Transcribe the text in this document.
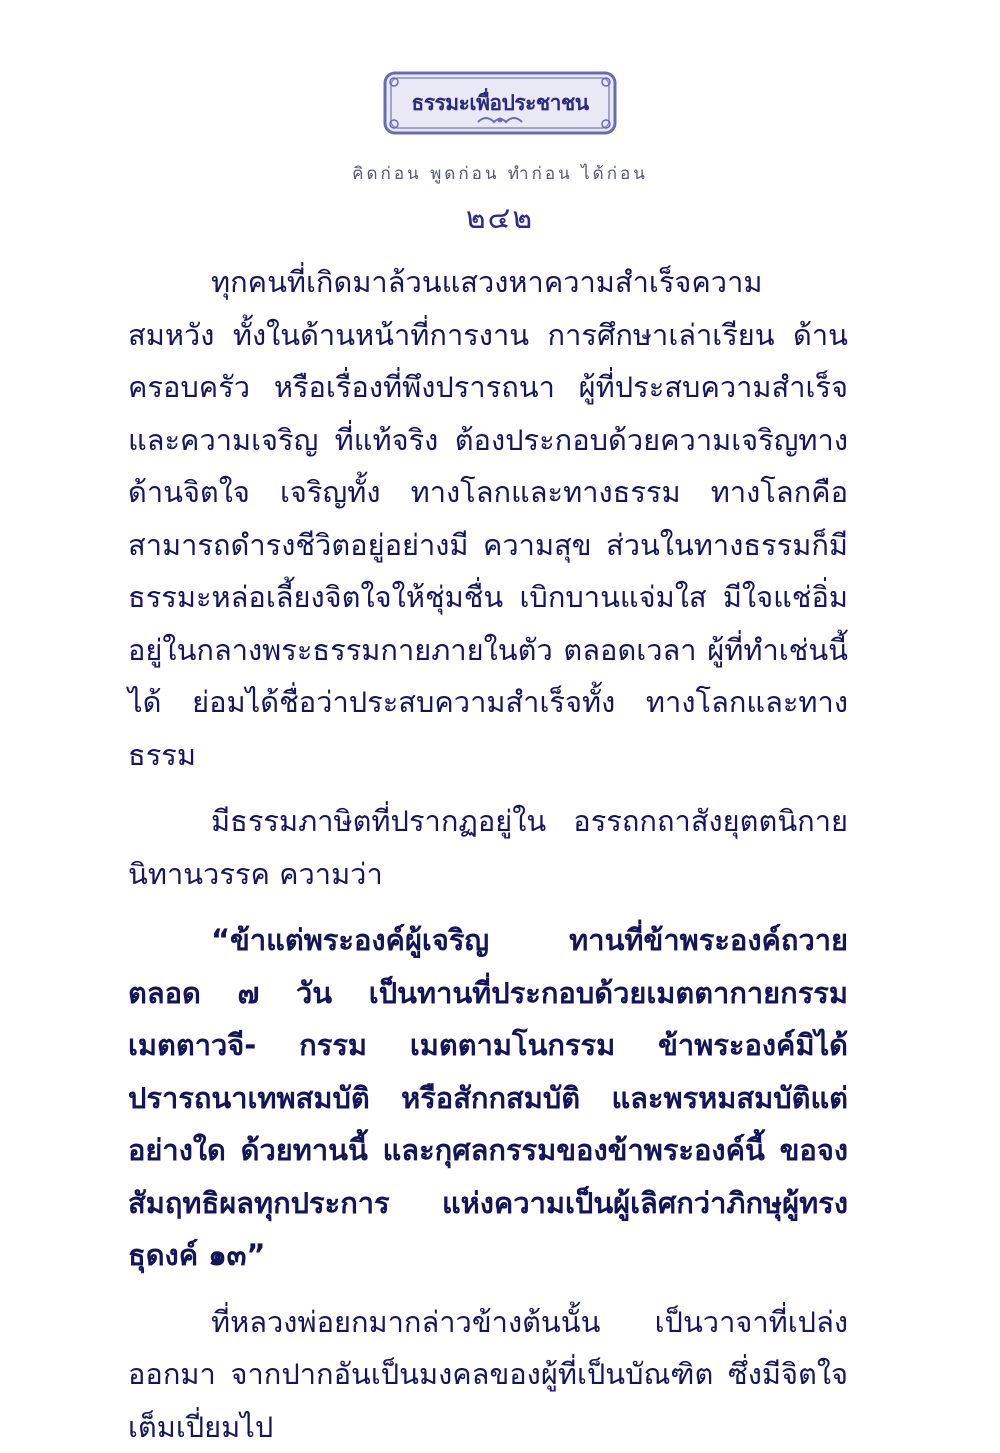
ธรรมะเพื่อประชาชน
คิดก่อน พูดก่อน ทำก่อน ได้ก่อน
๒๔๒

ทุกคนที่เกิดมาล้วนแสวงหาความสำเร็จความสมหวัง ทั้งในด้านหน้าที่การงาน การศึกษาเล่าเรียน ด้านครอบครัว หรือเรื่องที่พึงปรารถนา ผู้ที่ประสบความสำเร็จและความเจริญ ที่แท้จริง ต้องประกอบด้วยความเจริญทางด้านจิตใจ เจริญทั้ง ทางโลกและทางธรรม ทางโลกคือสามารถดำรงชีวิตอยู่อย่างมี ความสุข ส่วนในทางธรรมก็มีธรรมะหล่อเลี้ยงจิตใจให้ชุ่มชื่น เบิกบานแจ่มใส มีใจแช่อิ่มอยู่ในกลางพระธรรมกายภายในตัว ตลอดเวลา ผู้ที่ทำเช่นนี้ได้ ย่อมได้ชื่อว่าประสบความสำเร็จทั้ง ทางโลกและทางธรรม

มีธรรมภาษิตที่ปรากฏอยู่ใน อรรถกถาสังยุตตนิกาย นิทานวรรค ความว่า

“ข้าแต่พระองค์ผู้เจริญ ทานที่ข้าพระองค์ถวายตลอด ๗ วัน เป็นทานที่ประกอบด้วยเมตตากายกรรม เมตตาวจี- กรรม เมตตามโนกรรม ข้าพระองค์มิได้ปรารถนาเทพสมบัติ หรือสักกสมบัติ และพรหมสมบัติแต่อย่างใด ด้วยทานนี้ และกุศลกรรมของข้าพระองค์นี้ ขอจงสัมฤทธิผลทุกประการ แห่งความเป็นผู้เลิศกว่าภิกษุผู้ทรงธุดงค์ ๑๓”

ที่หลวงพ่อยกมากล่าวข้างต้นนั้น เป็นวาจาที่เปล่งออกมา จากปากอันเป็นมงคลของผู้ที่เป็นบัณฑิต ซึ่งมีจิตใจเต็มเปี่ยมไป
